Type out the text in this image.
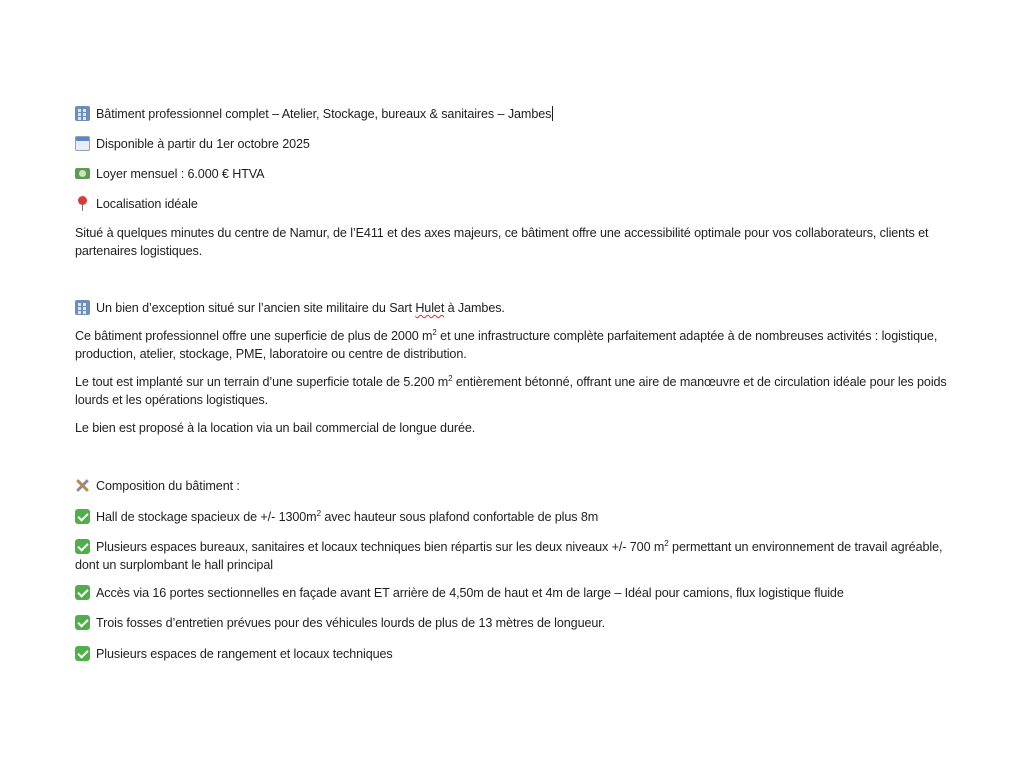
Bâtiment professionnel complet – Atelier, Stockage, bureaux & sanitaires – Jambes
Disponible à partir du 1er octobre 2025
Loyer mensuel : 6.000 € HTVA
Localisation idéale
Situé à quelques minutes du centre de Namur, de l’E411 et des axes majeurs, ce bâtiment offre une accessibilité optimale pour vos collaborateurs, clients et partenaires logistiques.
Un bien d’exception situé sur l’ancien site militaire du Sart Hulet à Jambes.
Ce bâtiment professionnel offre une superficie de plus de 2000 $m^2$ et une infrastructure complète parfaitement adaptée à de nombreuses activités : logistique, production, atelier, stockage, PME, laboratoire ou centre de distribution.
Le tout est implanté sur un terrain d’une superficie totale de 5.200 $m^2$ entièrement bétonné, offrant une aire de manœuvre et de circulation idéale pour les poids lourds et les opérations logistiques.
Le bien est proposé à la location via un bail commercial de longue durée.
Composition du bâtiment :
Hall de stockage spacieux de +/- $1300m^2$ avec hauteur sous plafond confortable de plus 8m
Plusieurs espaces bureaux, sanitaires et locaux techniques bien répartis sur les deux niveaux +/- 700 $m^2$ permettant un environnement de travail agréable, dont un surplombant le hall principal
Accès via 16 portes sectionnelles en façade avant ET arrière de 4,50m de haut et 4m de large – Idéal pour camions, flux logistique fluide
Trois fosses d’entretien prévues pour des véhicules lourds de plus de 13 mètres de longueur.
Plusieurs espaces de rangement et locaux techniques
